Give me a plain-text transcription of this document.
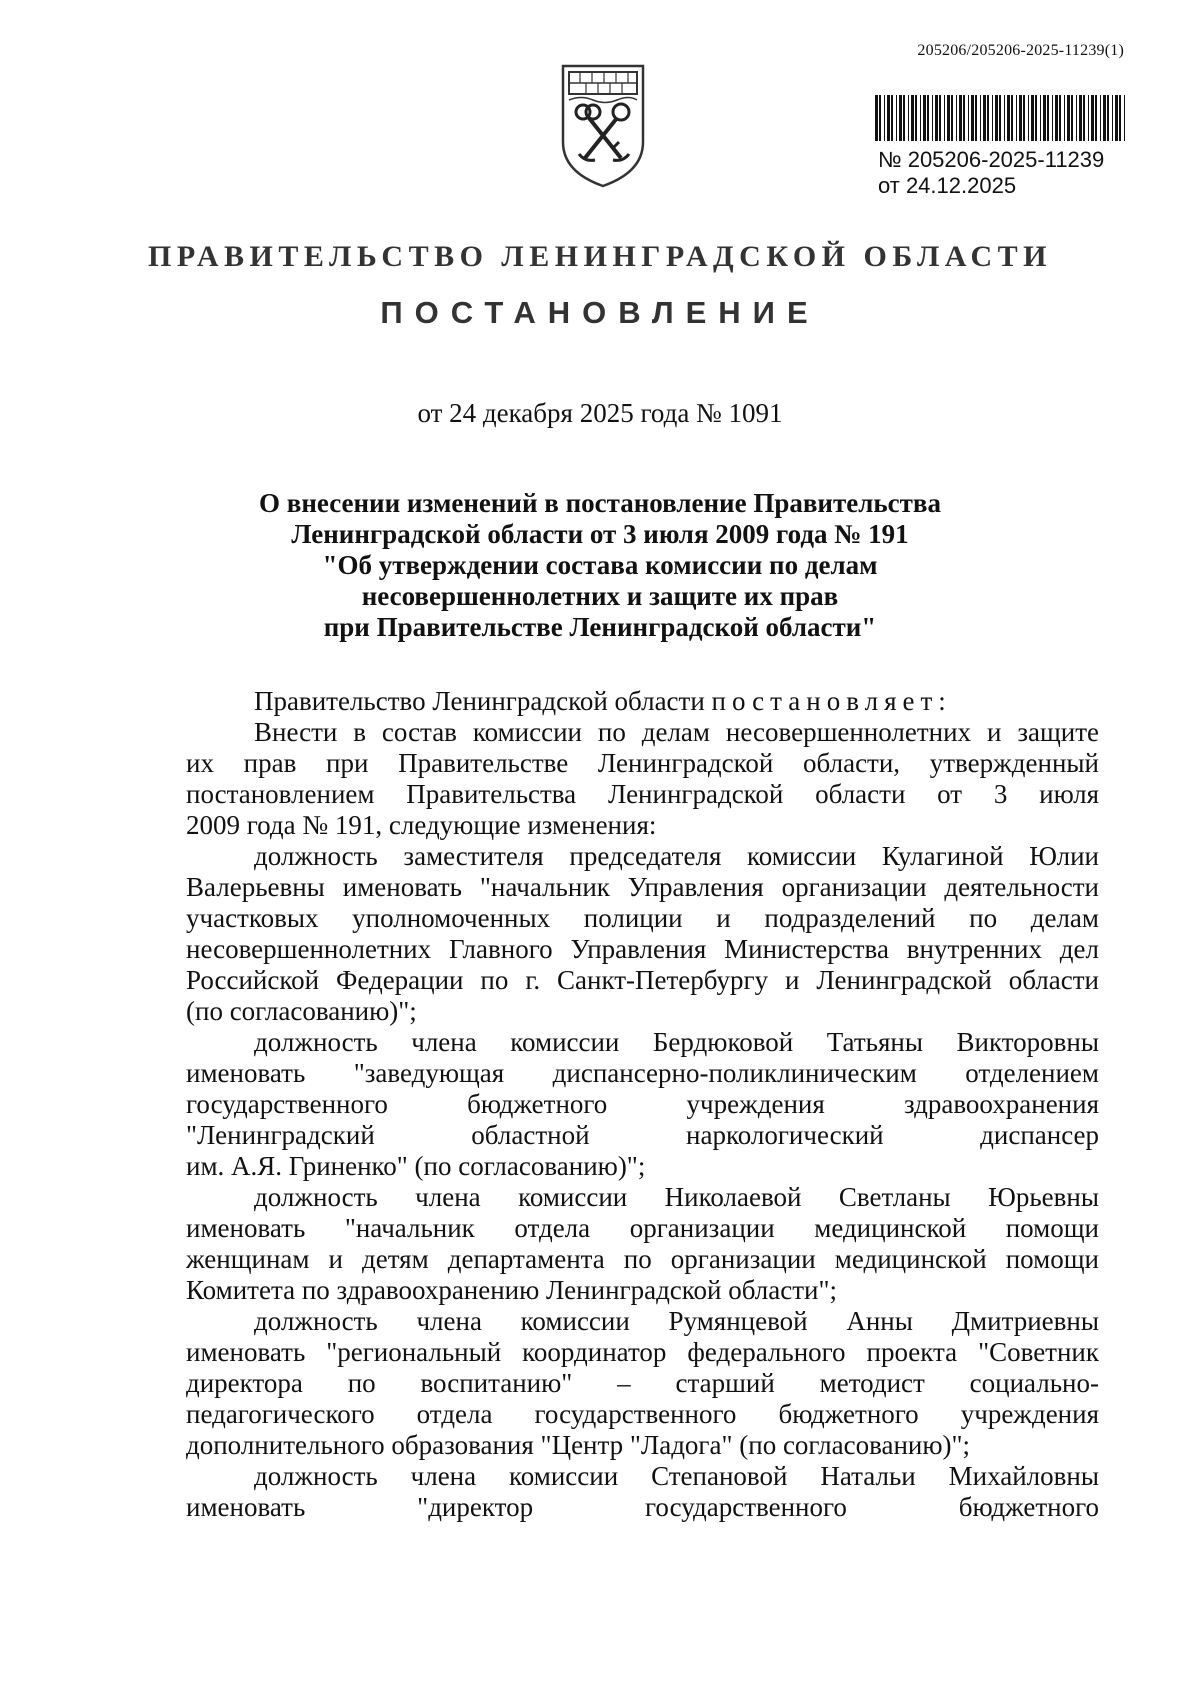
205206/205206-2025-11239(1)
№ 205206-2025-11239
от 24.12.2025
ПРАВИТЕЛЬСТВО ЛЕНИНГРАДСКОЙ ОБЛАСТИ
ПОСТАНОВЛЕНИЕ
от 24 декабря 2025 года № 1091
О внесении изменений в постановление Правительства
Ленинградской области от 3 июля 2009 года № 191
"Об утверждении состава комиссии по делам
несовершеннолетних и защите их прав
при Правительстве Ленинградской области"
Правительство Ленинградской области постановляет:
Внести в состав комиссии по делам несовершеннолетних и защите
их прав при Правительстве Ленинградской области, утвержденный
постановлением Правительства Ленинградской области от 3 июля
2009 года № 191, следующие изменения:
должность заместителя председателя комиссии Кулагиной Юлии
Валерьевны именовать "начальник Управления организации деятельности
участковых уполномоченных полиции и подразделений по делам
несовершеннолетних Главного Управления Министерства внутренних дел
Российской Федерации по г. Санкт-Петербургу и Ленинградской области
(по согласованию)";
должность члена комиссии Бердюковой Татьяны Викторовны
именовать "заведующая диспансерно-поликлиническим отделением
государственного бюджетного учреждения здравоохранения
"Ленинградский областной наркологический диспансер
им. А.Я. Гриненко" (по согласованию)";
должность члена комиссии Николаевой Светланы Юрьевны
именовать "начальник отдела организации медицинской помощи
женщинам и детям департамента по организации медицинской помощи
Комитета по здравоохранению Ленинградской области";
должность члена комиссии Румянцевой Анны Дмитриевны
именовать "региональный координатор федерального проекта "Советник
директора по воспитанию" – старший методист социально-
педагогического отдела государственного бюджетного учреждения
дополнительного образования "Центр "Ладога" (по согласованию)";
должность члена комиссии Степановой Натальи Михайловны
именовать "директор государственного бюджетного
